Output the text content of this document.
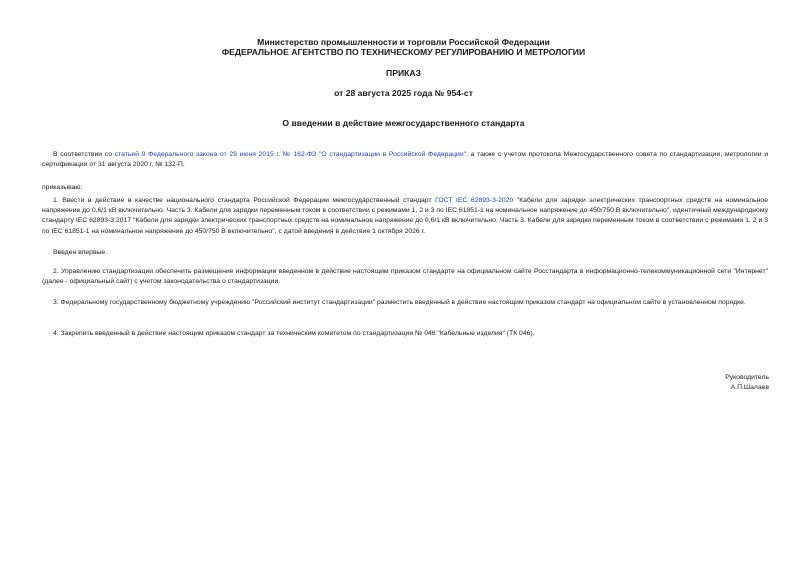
Министерство промышленности и торговли Российской Федерации
ФЕДЕРАЛЬНОЕ АГЕНТСТВО ПО ТЕХНИЧЕСКОМУ РЕГУЛИРОВАНИЮ И МЕТРОЛОГИИ
ПРИКАЗ
от 28 августа 2025 года № 954-ст
О введении в действие межгосударственного стандарта

В соответствии со статьей 9 Федерального закона от 29 июня 2015 г. № 162-ФЗ "О стандартизации в Российской Федерации", а также с учетом протокола Межгосударственного совета по стандартизации, метрологии и сертификации от 31 августа 2020 г. № 132-П,

приказываю:

1. Ввести в действие в качестве национального стандарта Российской Федерации межгосударственный стандарт ГОСТ IEC 62893-3-2020 "Кабели для зарядки электрических транспортных средств на номинальное напряжение до 0,6/1 кВ включительно. Часть 3. Кабели для зарядки переменным током в соответствии с режимами 1, 2 и 3 по IEC 61851-1 на номинальное напряжение до 450/750 В включительно", идентичный международному стандарту IEC 62893-3:2017 "Кабели для зарядки электрических транспортных средств на номинальное напряжение до 0,6/1 кВ включительно. Часть 3. Кабели для зарядки переменным током в соответствии с режимами 1, 2 и 3 по IEC 61851-1 на номинальное напряжение до 450/750 В включительно", с датой введения в действие 1 октября 2026 г.

Введен впервые.

2. Управлению стандартизации обеспечить размещение информации введенном в действие настоящим приказом стандарте на официальном сайте Росстандарта в информационно-телекоммуникационной сети "Интернет" (далее - официальный сайт) с учетом законодательства о стандартизации.

3. Федеральному государственному бюджетному учреждению "Российский институт стандартизации" разместить введенный в действие настоящим приказом стандарт на официальном сайте в установленном порядке.

4. Закрепить введенный в действие настоящим приказом стандарт за техническим комитетом по стандартизации № 046 "Кабельные изделия" (ТК 046).

Руководитель
А.П.Шалаев
